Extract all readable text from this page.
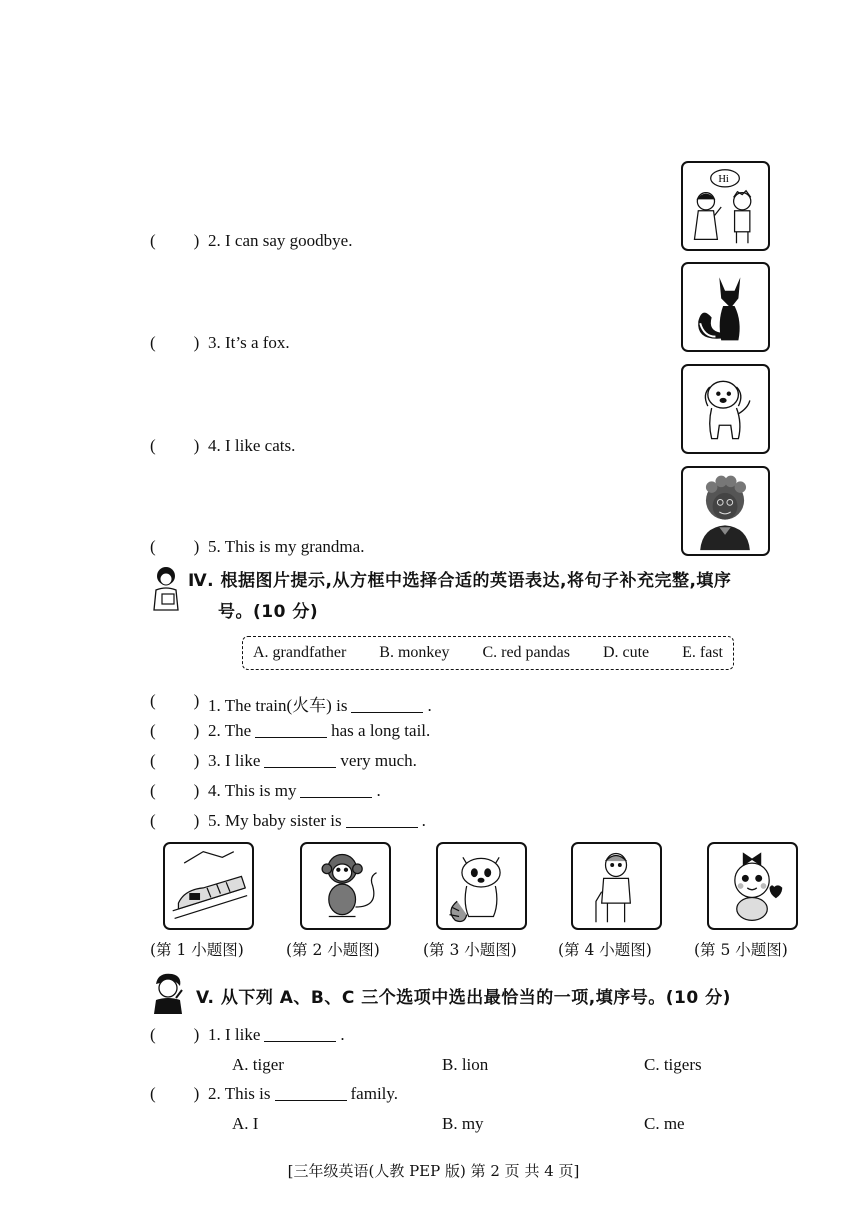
( ) 2. I can say goodbye.
( ) 3. It’s a fox.
( ) 4. I like cats.
( ) 5. This is my grandma.
Hi
Ⅳ. 根据图片提示,从方框中选择合适的英语表达,将句子补充完整,填序
号。(10 分)
A. grandfather B. monkey C. red pandas D. cute E. fast
( ) 1. The train(火车) is	.
( ) 2. The	has a long tail.
( ) 3. I like	very much.
( ) 4. This is my	.
( ) 5. My baby sister is	.
(第 1 小题图)	(第 2 小题图)	(第 3 小题图)	(第 4 小题图)	(第 5 小题图)
V. 从下列 A、B、C 三个选项中选出最恰当的一项,填序号。(10 分)
( ) 1. I like	.
A. tiger	B. lion	C. tigers
( ) 2. This is	family.
A. I	B. my	C. me
[三年级英语(人教 PEP 版) 第 2 页 共 4 页]
